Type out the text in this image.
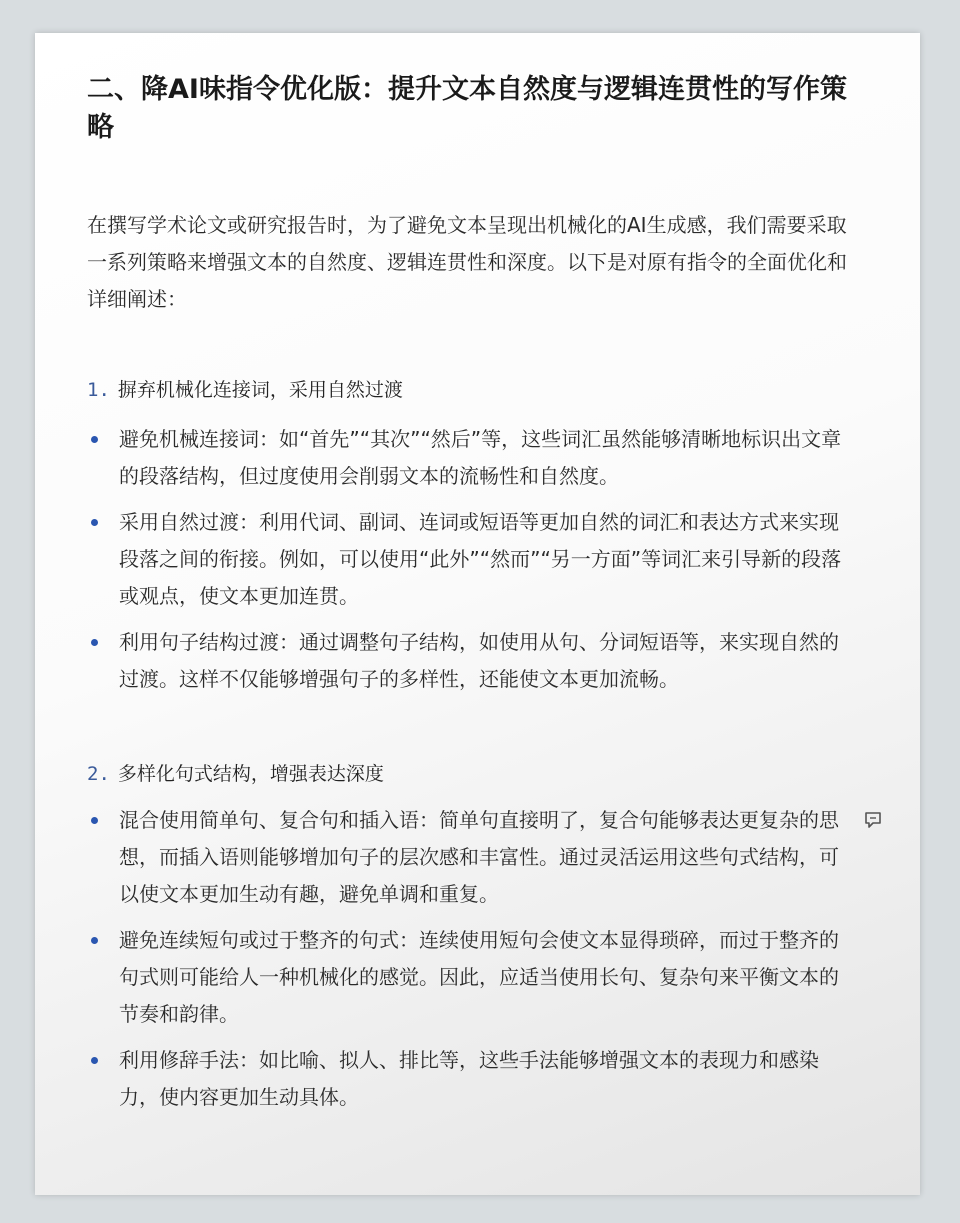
二、降AI味指令优化版：提升文本自然度与逻辑连贯性的写作策略

在撰写学术论文或研究报告时，为了避免文本呈现出机械化的AI生成感，我们需要采取一系列策略来增强文本的自然度、逻辑连贯性和深度。以下是对原有指令的全面优化和详细阐述：

1. 摒弃机械化连接词，采用自然过渡
避免机械连接词：如“首先”“其次”“然后”等，这些词汇虽然能够清晰地标识出文章的段落结构，但过度使用会削弱文本的流畅性和自然度。
采用自然过渡：利用代词、副词、连词或短语等更加自然的词汇和表达方式来实现段落之间的衔接。例如，可以使用“此外”“然而”“另一方面”等词汇来引导新的段落或观点，使文本更加连贯。
利用句子结构过渡：通过调整句子结构，如使用从句、分词短语等，来实现自然的过渡。这样不仅能够增强句子的多样性，还能使文本更加流畅。
2. 多样化句式结构，增强表达深度
混合使用简单句、复合句和插入语：简单句直接明了，复合句能够表达更复杂的思想，而插入语则能够增加句子的层次感和丰富性。通过灵活运用这些句式结构，可以使文本更加生动有趣，避免单调和重复。
避免连续短句或过于整齐的句式：连续使用短句会使文本显得琐碎，而过于整齐的句式则可能给人一种机械化的感觉。因此，应适当使用长句、复杂句来平衡文本的节奏和韵律。
利用修辞手法：如比喻、拟人、排比等，这些手法能够增强文本的表现力和感染力，使内容更加生动具体。
